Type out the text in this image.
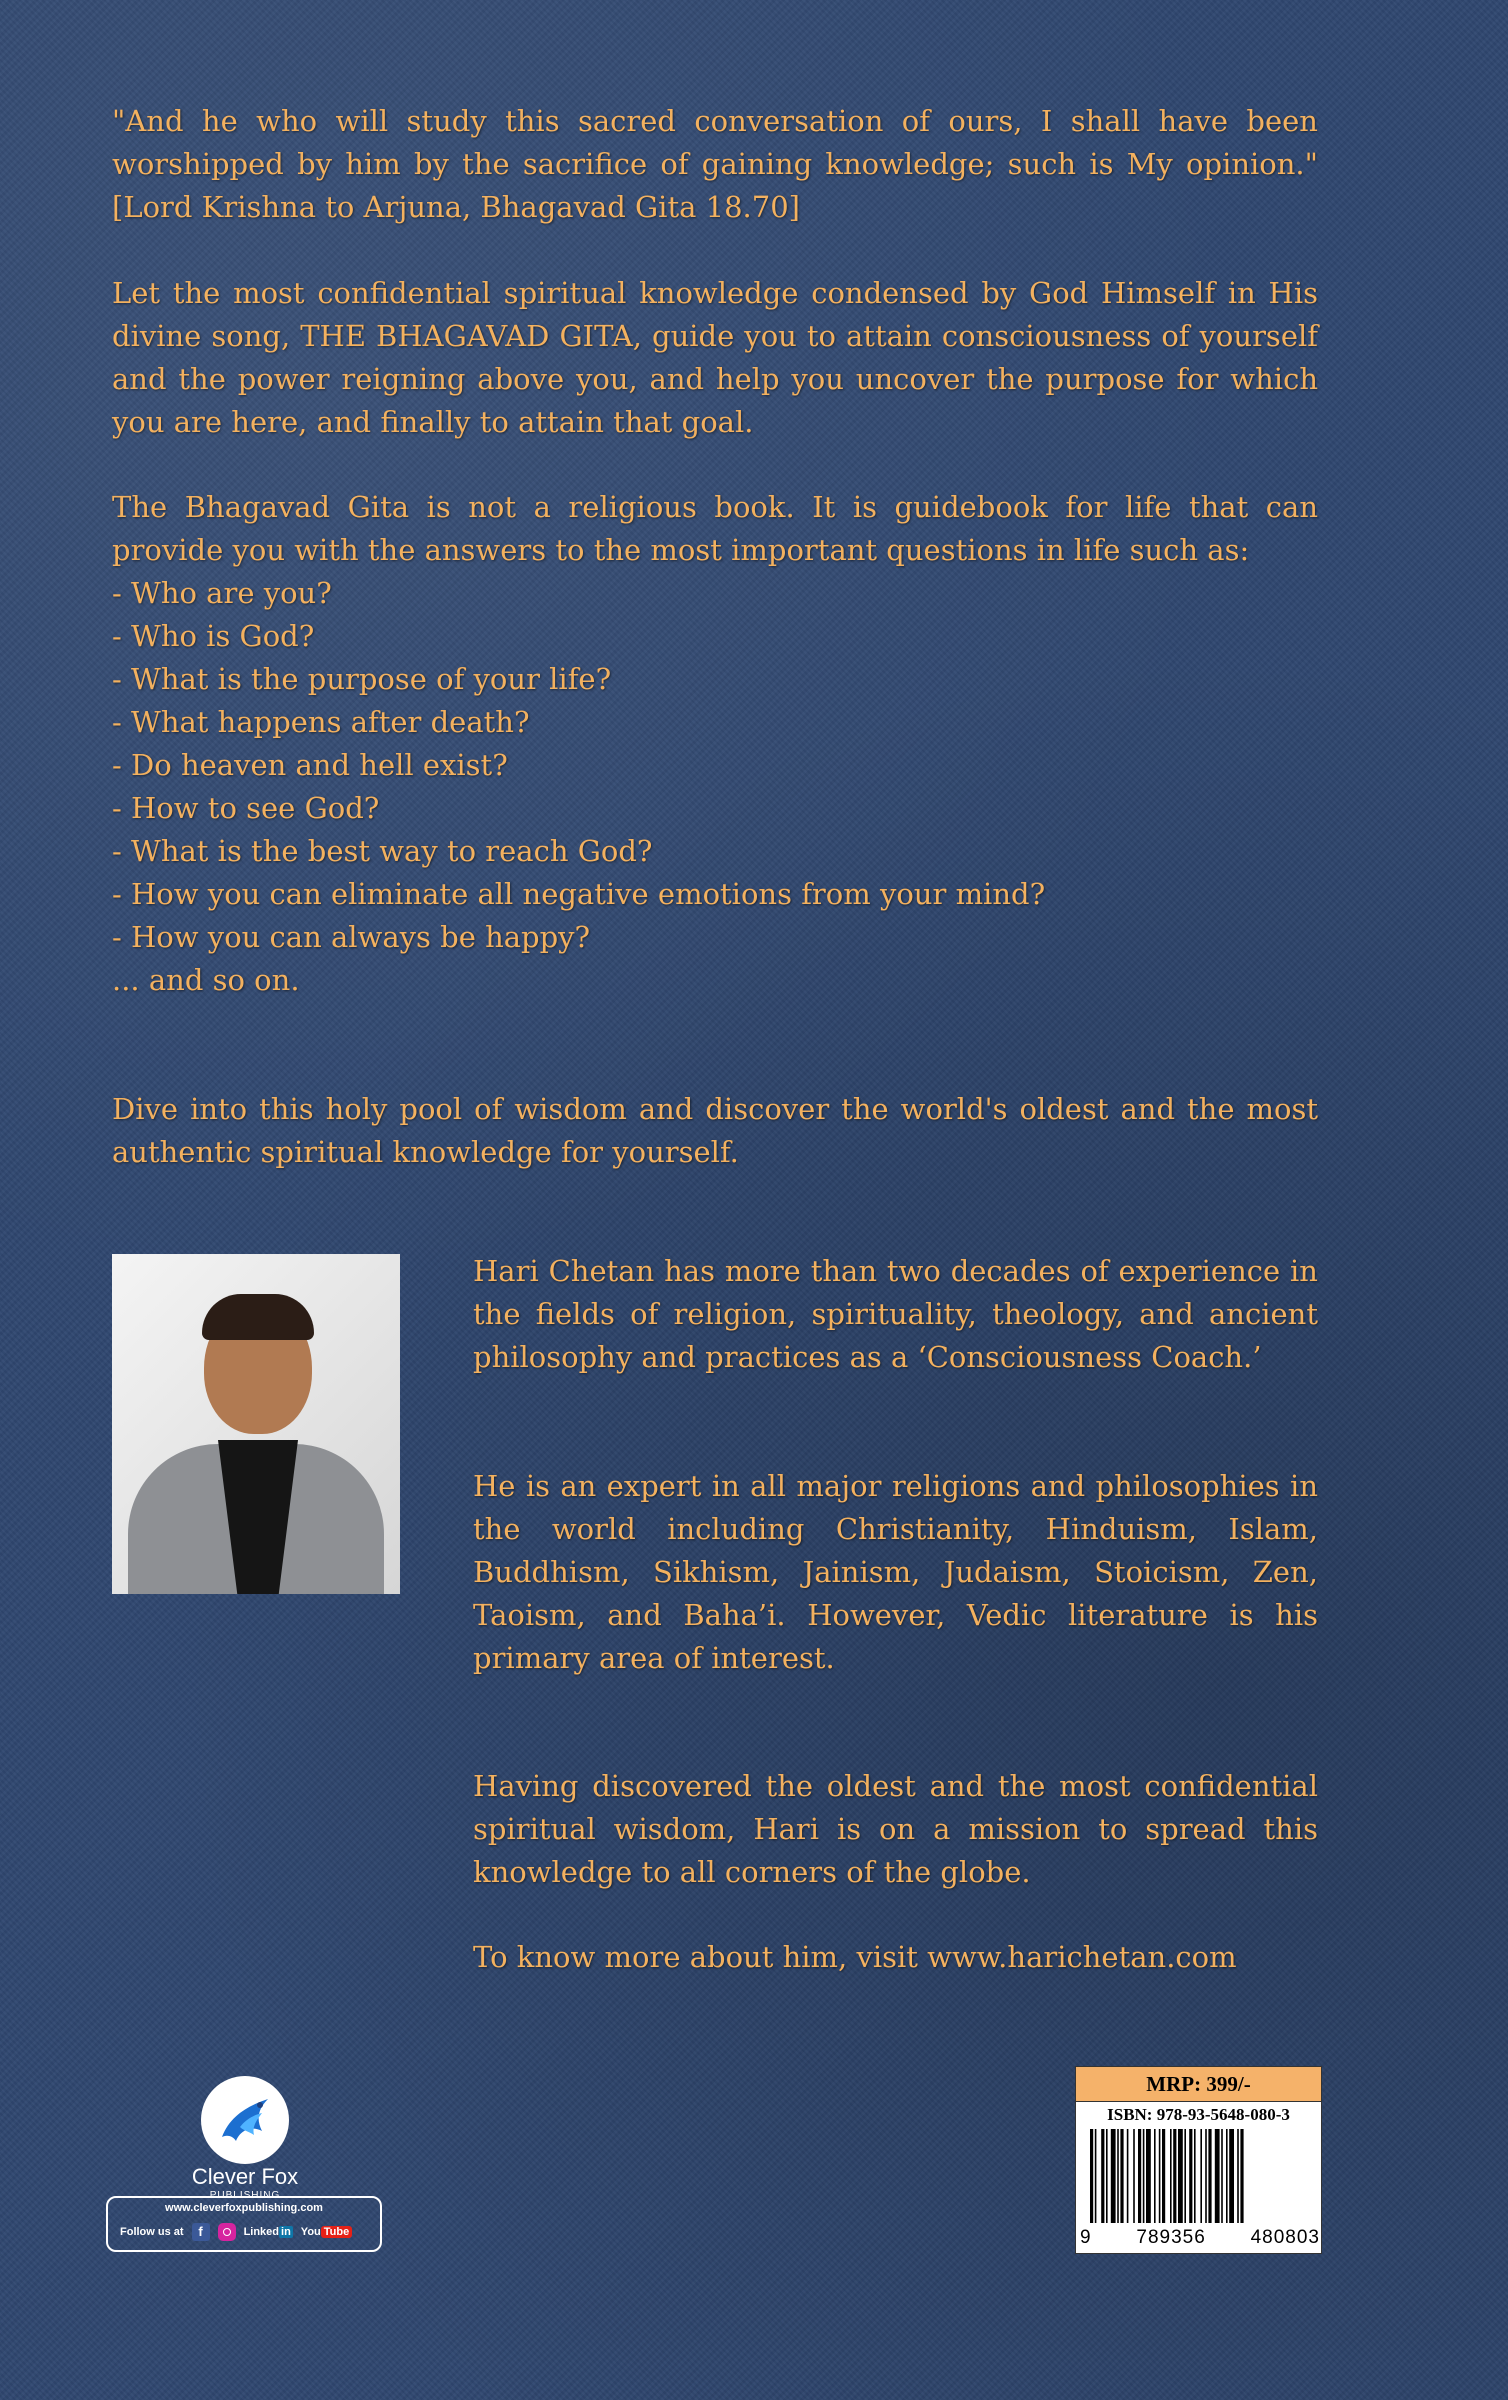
"And he who will study this sacred conversation of ours, I shall have been worshipped by him by the sacrifice of gaining knowledge; such is My opinion." [Lord Krishna to Arjuna, Bhagavad Gita 18.70]

Let the most confidential spiritual knowledge condensed by God Himself in His divine song, THE BHAGAVAD GITA, guide you to attain consciousness of yourself and the power reigning above you, and help you uncover the purpose for which you are here, and finally to attain that goal.

The Bhagavad Gita is not a religious book. It is guidebook for life that can provide you with the answers to the most important questions in life such as:

- Who are you?
- Who is God?
- What is the purpose of your life?
- What happens after death?
- Do heaven and hell exist?
- How to see God?
- What is the best way to reach God?
- How you can eliminate all negative emotions from your mind?
- How you can always be happy?
... and so on.

Dive into this holy pool of wisdom and discover the world's oldest and the most authentic spiritual knowledge for yourself.

Hari Chetan has more than two decades of experience in the fields of religion, spirituality, theology, and ancient philosophy and practices as a ‘Consciousness Coach.’

He is an expert in all major religions and philosophies in the world including Christianity, Hinduism, Islam, Buddhism, Sikhism, Jainism, Judaism, Stoicism, Zen, Taoism, and Baha’i. However, Vedic literature is his primary area of interest.

Having discovered the oldest and the most confidential spiritual wisdom, Hari is on a mission to spread this knowledge to all corners of the globe.

To know more about him, visit www.harichetan.com

Clever Fox
PUBLISHING
www.cleverfoxpublishing.com
Follow us at	f	Linked in You Tube
MRP: 399/-
ISBN: 978-93-5648-080-3
9 789356 480803
